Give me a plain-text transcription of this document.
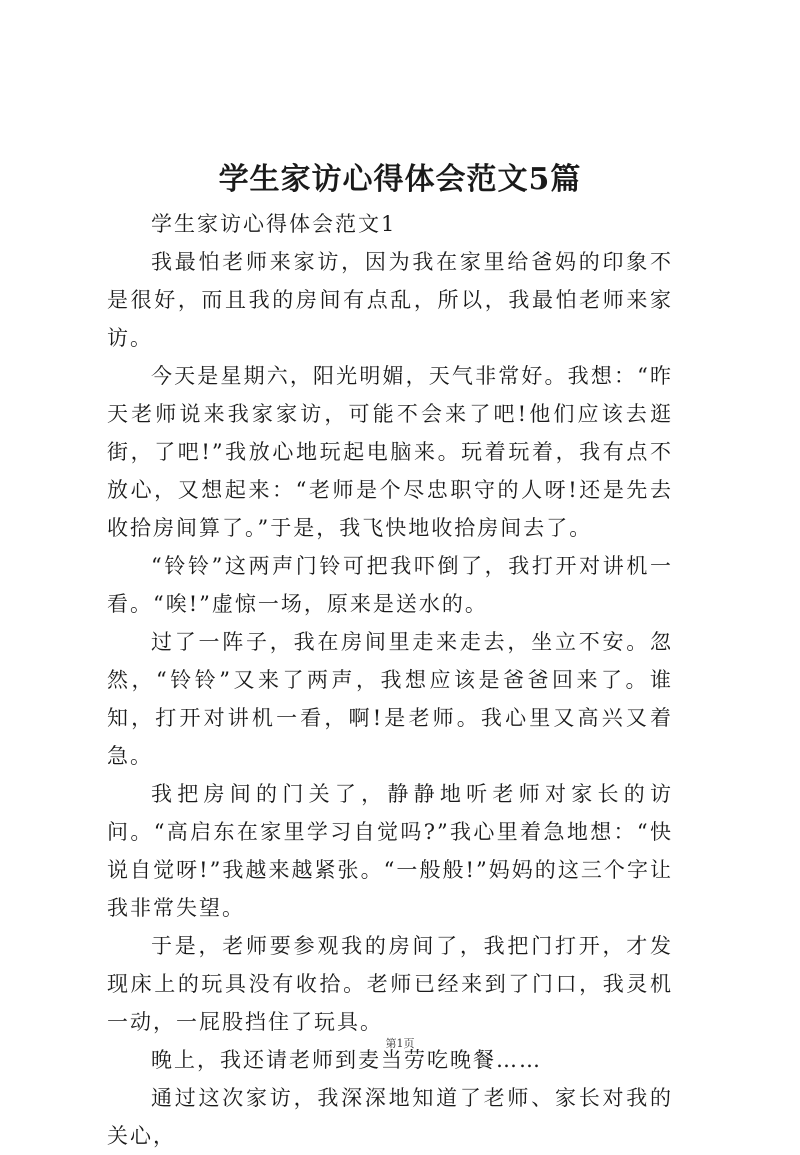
学生家访心得体会范文5篇

学生家访心得体会范文1

我最怕老师来家访，因为我在家里给爸妈的印象不是很好，而且我的房间有点乱，所以，我最怕老师来家访。

今天是星期六，阳光明媚，天气非常好。我想：“昨天老师说来我家家访，可能不会来了吧!他们应该去逛街，了吧!”我放心地玩起电脑来。玩着玩着，我有点不放心，又想起来：“老师是个尽忠职守的人呀!还是先去收拾房间算了。”于是，我飞快地收拾房间去了。

“铃铃”这两声门铃可把我吓倒了，我打开对讲机一看。“唉!”虚惊一场，原来是送水的。

过了一阵子，我在房间里走来走去，坐立不安。忽然，“铃铃”又来了两声，我想应该是爸爸回来了。谁知，打开对讲机一看，啊!是老师。我心里又高兴又着急。

我把房间的门关了，静静地听老师对家长的访问。“高启东在家里学习自觉吗?”我心里着急地想：“快说自觉呀!”我越来越紧张。“一般般!”妈妈的这三个字让我非常失望。

于是，老师要参观我的房间了，我把门打开，才发现床上的玩具没有收拾。老师已经来到了门口，我灵机一动，一屁股挡住了玩具。

晚上，我还请老师到麦当劳吃晚餐……

通过这次家访，我深深地知道了老师、家长对我的关心，

第1页
